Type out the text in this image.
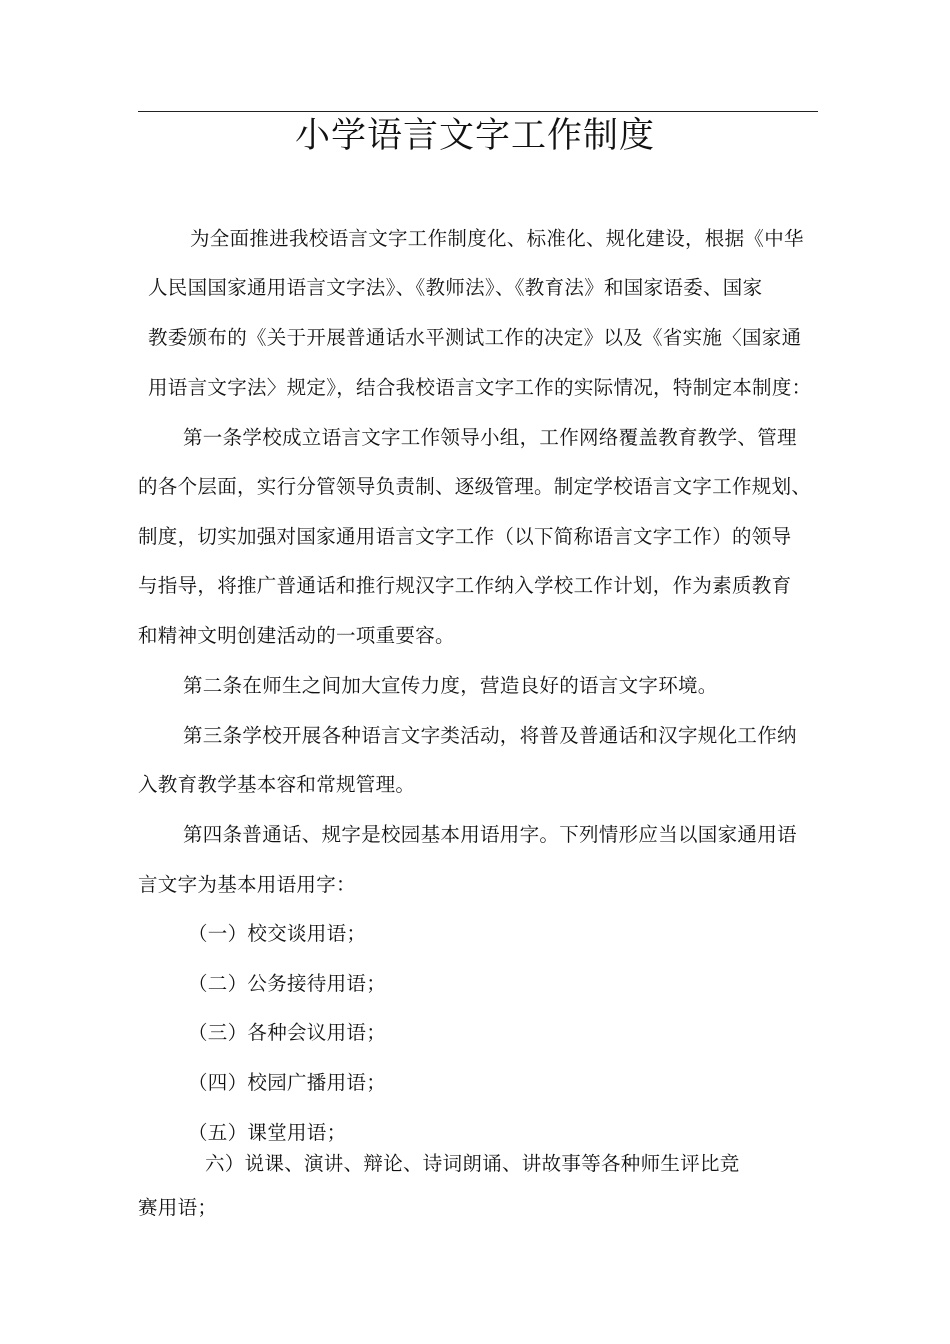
小学语言文字工作制度
为全面推进我校语言文字工作制度化、标准化、规化建设，根据《中华
人民国国家通用语言文字法》、《教师法》、《教育法》和国家语委、国家
教委颁布的《关于开展普通话水平测试工作的决定》以及《省实施〈国家通
用语言文字法〉规定》，结合我校语言文字工作的实际情况，特制定本制度：
第一条学校成立语言文字工作领导小组，工作网络覆盖教育教学、管理
的各个层面，实行分管领导负责制、逐级管理。制定学校语言文字工作规划、
制度，切实加强对国家通用语言文字工作（以下简称语言文字工作）的领导
与指导，将推广普通话和推行规汉字工作纳入学校工作计划，作为素质教育
和精神文明创建活动的一项重要容。
第二条在师生之间加大宣传力度，营造良好的语言文字环境。
第三条学校开展各种语言文字类活动，将普及普通话和汉字规化工作纳
入教育教学基本容和常规管理。
第四条普通话、规字是校园基本用语用字。下列情形应当以国家通用语
言文字为基本用语用字：
（一）校交谈用语；
（二）公务接待用语；
（三）各种会议用语；
（四）校园广播用语；
（五）课堂用语；
六）说课、演讲、辩论、诗词朗诵、讲故事等各种师生评比竞
赛用语；
